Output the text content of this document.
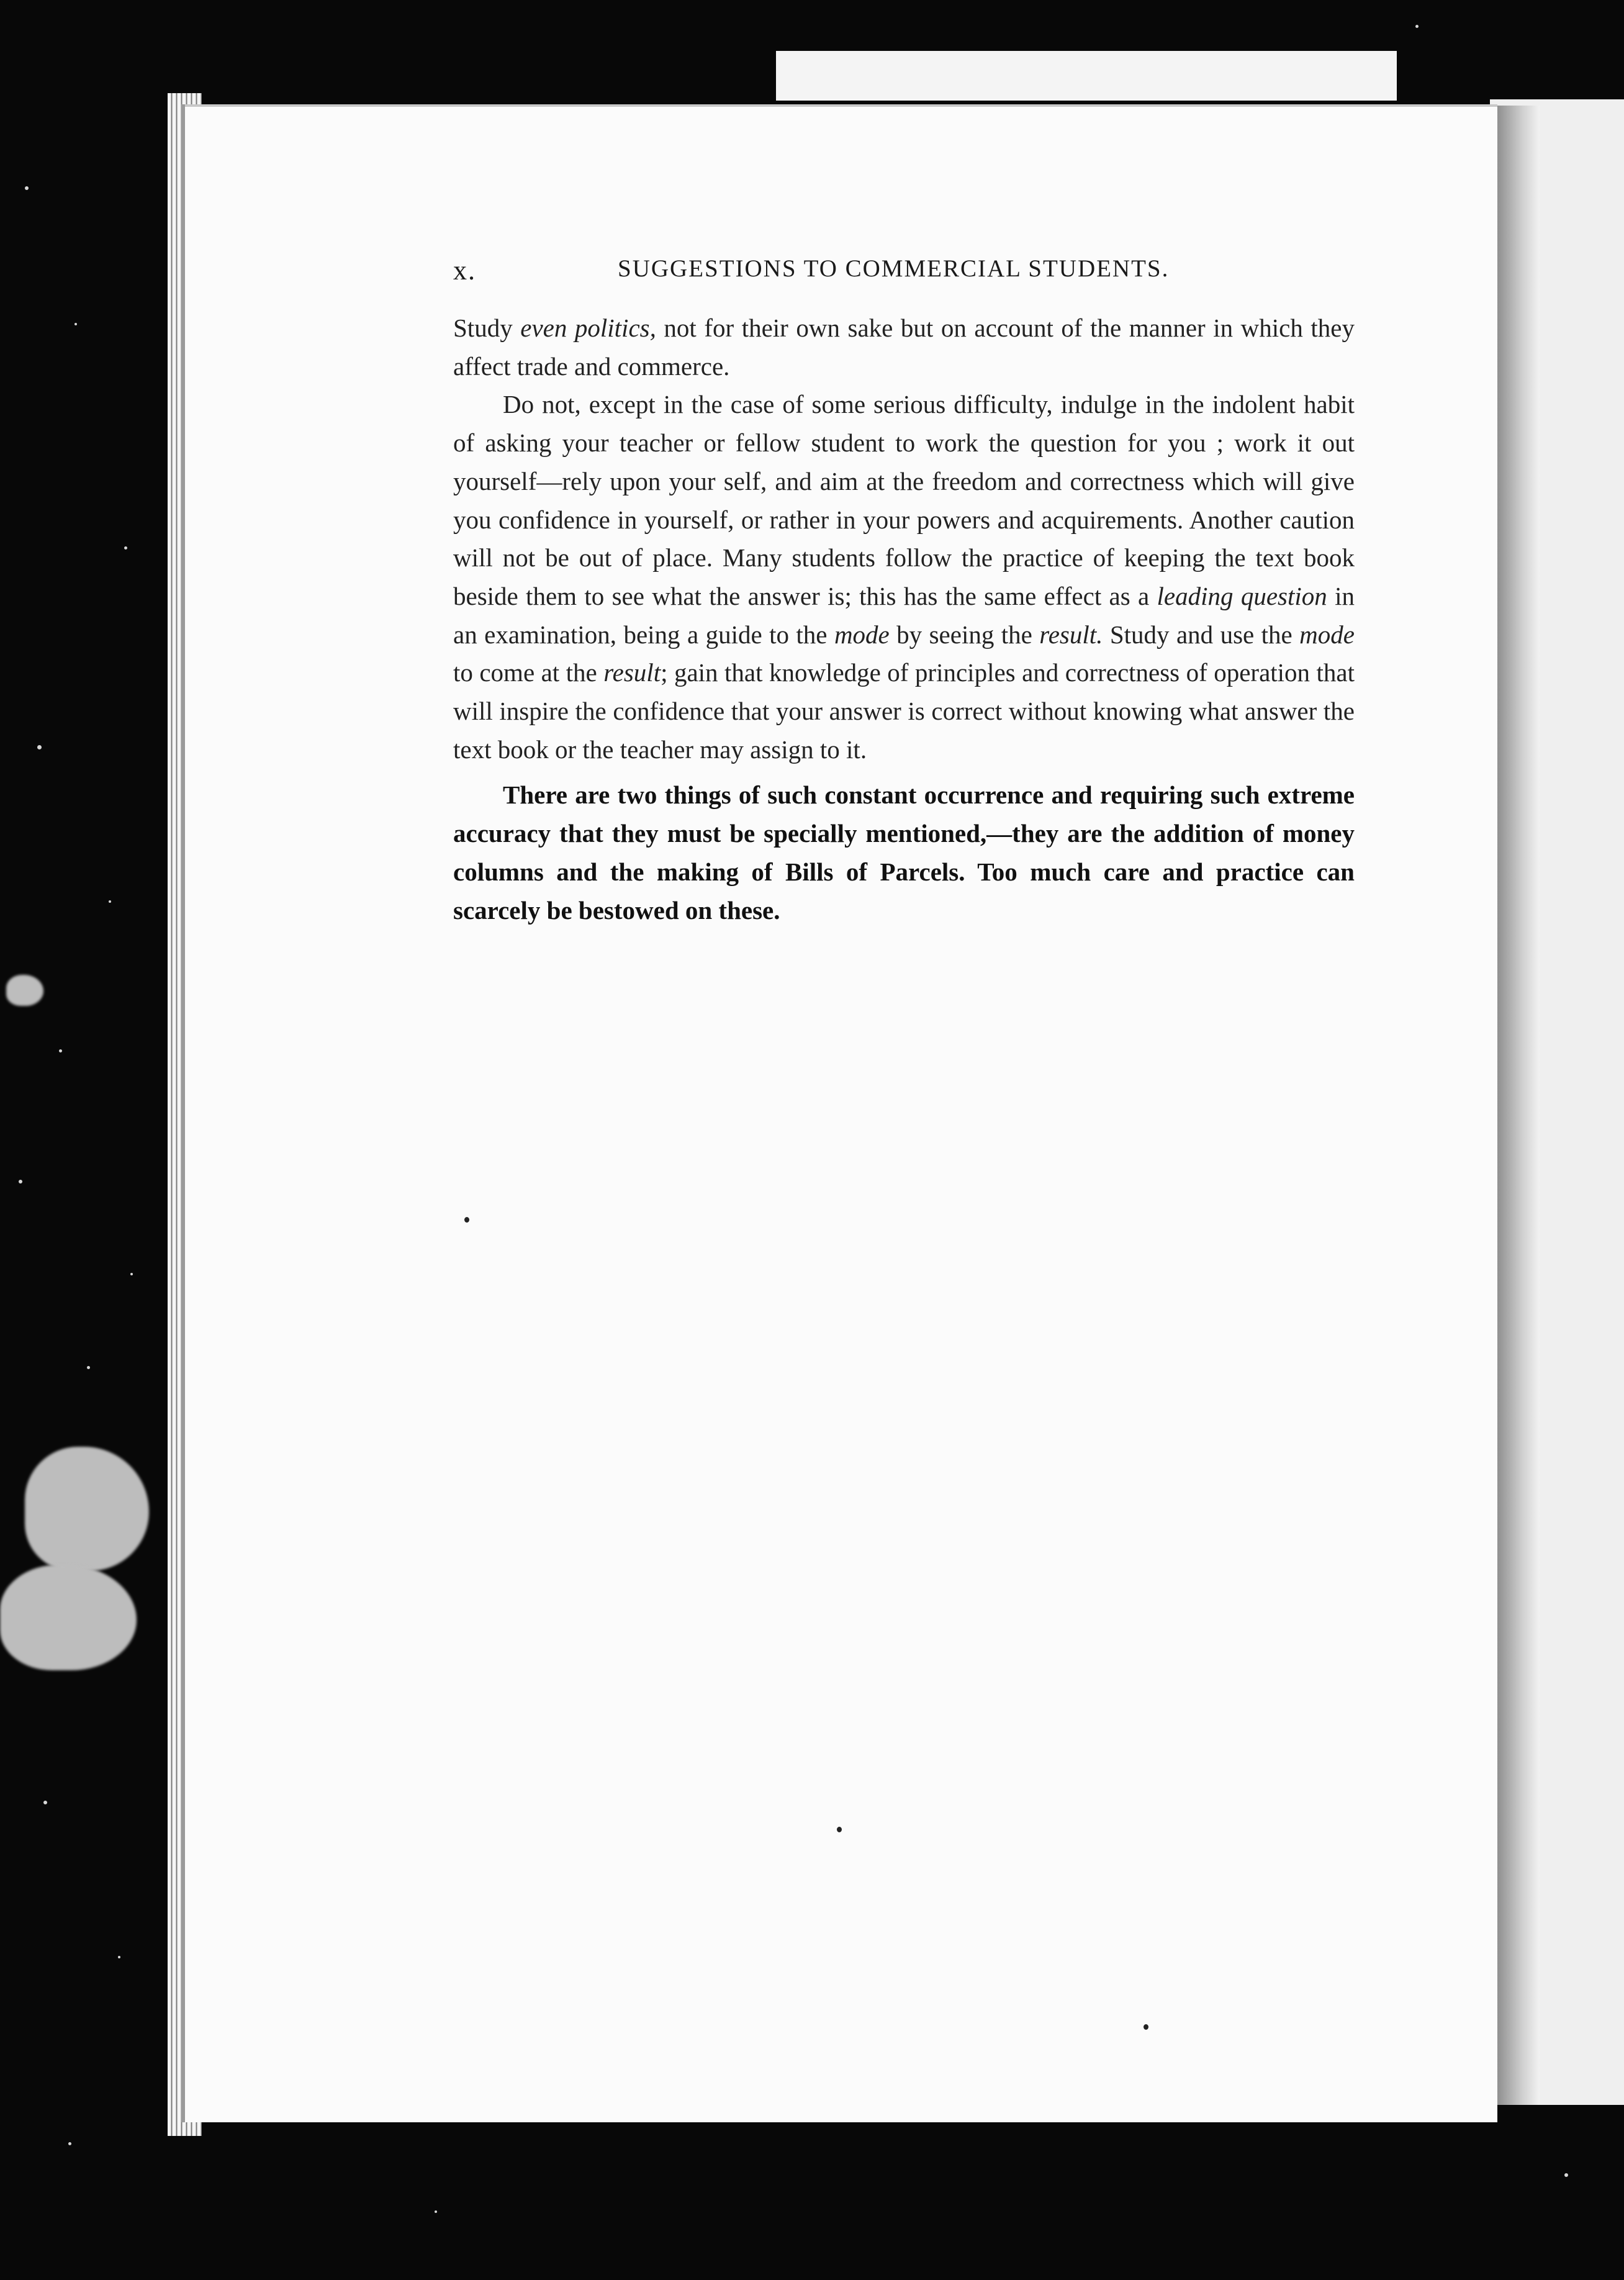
x.	SUGGESTIONS TO COMMERCIAL STUDENTS.

Study even politics, not for their own sake but on account of the manner in which they affect trade and commerce.

Do not, except in the case of some serious difficulty, indulge in the indolent habit of asking your teacher or fellow student to work the question for you ; work it out yourself—rely upon your self, and aim at the freedom and correctness which will give you confidence in yourself, or rather in your powers and acquirements. Another caution will not be out of place. Many students follow the practice of keeping the text book beside them to see what the answer is; this has the same effect as a leading question in an examination, being a guide to the mode by seeing the result. Study and use the mode to come at the result; gain that knowledge of principles and correctness of operation that will inspire the confidence that your answer is correct without knowing what answer the text book or the teacher may assign to it.

There are two things of such constant occurrence and requiring such extreme accuracy that they must be specially mentioned,—they are the addition of money columns and the making of Bills of Parcels. Too much care and practice can scarcely be bestowed on these.
